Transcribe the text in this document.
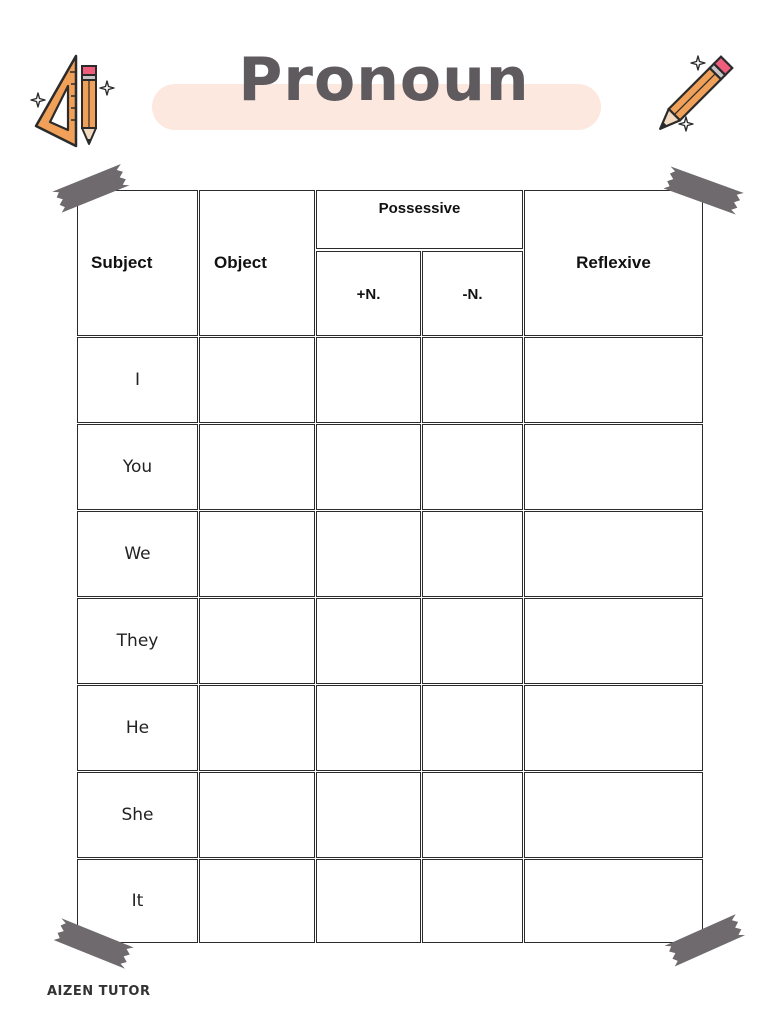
Pronoun
Subject	Object
Possessive
+N.	-N.
Reflexive
I
You
We
They
He
She
It
AIZEN TUTOR
